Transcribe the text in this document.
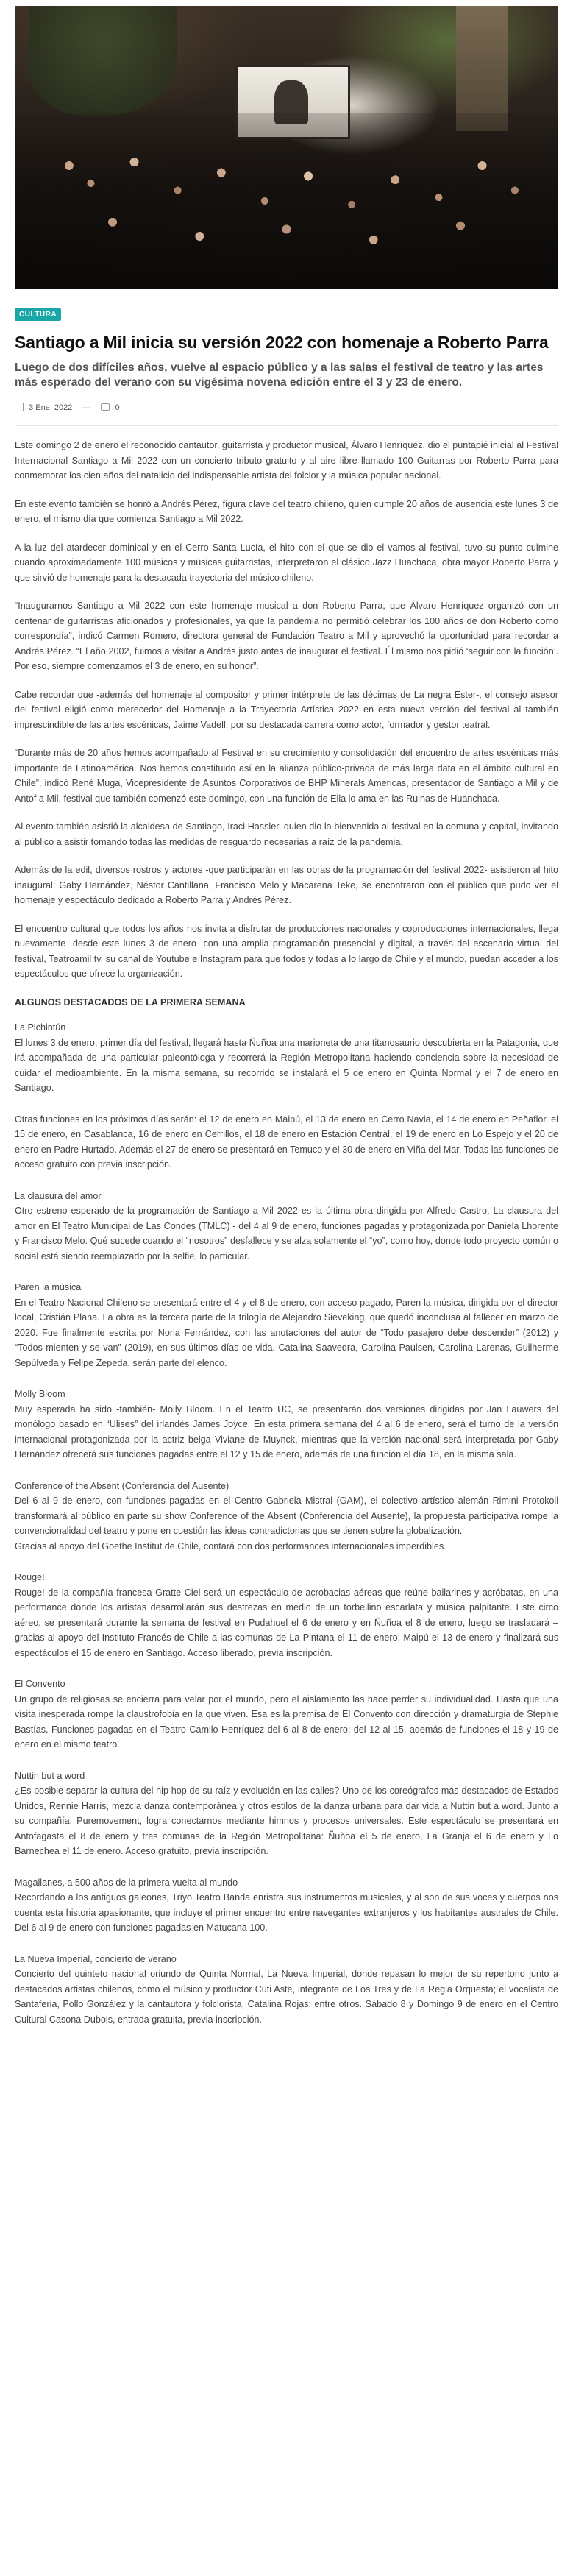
CULTURA
Santiago a Mil inicia su versión 2022 con homenaje a Roberto Parra
Luego de dos difíciles años, vuelve al espacio público y a las salas el festival de teatro y las artes más esperado del verano con su vigésima novena edición entre el 3 y 23 de enero.
3 Ene, 2022 —	0

Este domingo 2 de enero el reconocido cantautor, guitarrista y productor musical, Álvaro Henríquez, dio el puntapié inicial al Festival Internacional Santiago a Mil 2022 con un concierto tributo gratuito y al aire libre llamado 100 Guitarras por Roberto Parra para conmemorar los cien años del natalicio del indispensable artista del folclor y la música popular nacional.

En este evento también se honró a Andrés Pérez, figura clave del teatro chileno, quien cumple 20 años de ausencia este lunes 3 de enero, el mismo día que comienza Santiago a Mil 2022.

A la luz del atardecer dominical y en el Cerro Santa Lucía, el hito con el que se dio el vamos al festival, tuvo su punto culmine cuando aproximadamente 100 músicos y músicas guitarristas, interpretaron el clásico Jazz Huachaca, obra mayor Roberto Parra y que sirvió de homenaje para la destacada trayectoria del músico chileno.

“Inaugurarnos Santiago a Mil 2022 con este homenaje musical a don Roberto Parra, que Álvaro Henríquez organizó con un centenar de guitarristas aficionados y profesionales, ya que la pandemia no permitió celebrar los 100 años de don Roberto como correspondía”, indicó Carmen Romero, directora general de Fundación Teatro a Mil y aprovechó la oportunidad para recordar a Andrés Pérez. “El año 2002, fuimos a visitar a Andrés justo antes de inaugurar el festival. Él mismo nos pidió ‘seguir con la función’. Por eso, siempre comenzamos el 3 de enero, en su honor”.

Cabe recordar que -además del homenaje al compositor y primer intérprete de las décimas de La negra Ester-, el consejo asesor del festival eligió como merecedor del Homenaje a la Trayectoria Artística 2022 en esta nueva versión del festival al también imprescindible de las artes escénicas, Jaime Vadell, por su destacada carrera como actor, formador y gestor teatral.

“Durante más de 20 años hemos acompañado al Festival en su crecimiento y consolidación del encuentro de artes escénicas más importante de Latinoamérica. Nos hemos constituido así en la alianza público-privada de más larga data en el ámbito cultural en Chile”, indicó René Muga, Vicepresidente de Asuntos Corporativos de BHP Minerals Americas, presentador de Santiago a Mil y de Antof a Mil, festival que también comenzó este domingo, con una función de Ella lo ama en las Ruinas de Huanchaca.

Al evento también asistió la alcaldesa de Santiago, Iraci Hassler, quien dio la bienvenida al festival en la comuna y capital, invitando al público a asistir tomando todas las medidas de resguardo necesarias a raíz de la pandemia.

Además de la edil, diversos rostros y actores -que participarán en las obras de la programación del festival 2022- asistieron al hito inaugural: Gaby Hernández, Néstor Cantillana, Francisco Melo y Macarena Teke, se encontraron con el público que pudo ver el homenaje y espectáculo dedicado a Roberto Parra y Andrés Pérez.

El encuentro cultural que todos los años nos invita a disfrutar de producciones nacionales y coproducciones internacionales, llega nuevamente -desde este lunes 3 de enero- con una amplia programación presencial y digital, a través del escenario virtual del festival, Teatroamil tv, su canal de Youtube e Instagram para que todos y todas a lo largo de Chile y el mundo, puedan acceder a los espectáculos que ofrece la organización.

ALGUNOS DESTACADOS DE LA PRIMERA SEMANA

La Pichintún
El lunes 3 de enero, primer día del festival, llegará hasta Ñuñoa una marioneta de una titanosaurio descubierta en la Patagonia, que irá acompañada de una particular paleontóloga y recorrerá la Región Metropolitana haciendo conciencia sobre la necesidad de cuidar el medioambiente. En la misma semana, su recorrido se instalará el 5 de enero en Quinta Normal y el 7 de enero en Santiago.

Otras funciones en los próximos días serán: el 12 de enero en Maipú, el 13 de enero en Cerro Navia, el 14 de enero en Peñaflor, el 15 de enero, en Casablanca, 16 de enero en Cerrillos, el 18 de enero en Estación Central, el 19 de enero en Lo Espejo y el 20 de enero en Padre Hurtado. Además el 27 de enero se presentará en Temuco y el 30 de enero en Viña del Mar. Todas las funciones de acceso gratuito con previa inscripción.

La clausura del amor
Otro estreno esperado de la programación de Santiago a Mil 2022 es la última obra dirigida por Alfredo Castro, La clausura del amor en El Teatro Municipal de Las Condes (TMLC) - del 4 al 9 de enero, funciones pagadas y protagonizada por Daniela Lhorente y Francisco Melo. Qué sucede cuando el “nosotros” desfallece y se alza solamente el “yo”, como hoy, donde todo proyecto común o social está siendo reemplazado por la selfie, lo particular.

Paren la música
En el Teatro Nacional Chileno se presentará entre el 4 y el 8 de enero, con acceso pagado, Paren la música, dirigida por el director local, Cristián Plana. La obra es la tercera parte de la trilogía de Alejandro Sieveking, que quedó inconclusa al fallecer en marzo de 2020. Fue finalmente escrita por Nona Fernández, con las anotaciones del autor de “Todo pasajero debe descender” (2012) y “Todos mienten y se van” (2019), en sus últimos días de vida. Catalina Saavedra, Carolina Paulsen, Carolina Larenas, Guilherme Sepúlveda y Felipe Zepeda, serán parte del elenco.

Molly Bloom
Muy esperada ha sido -también- Molly Bloom. En el Teatro UC, se presentarán dos versiones dirigidas por Jan Lauwers del monólogo basado en “Ulises” del irlandés James Joyce. En esta primera semana del 4 al 6 de enero, será el turno de la versión internacional protagonizada por la actriz belga Viviane de Muynck, mientras que la versión nacional será interpretada por Gaby Hernández ofrecerá sus funciones pagadas entre el 12 y 15 de enero, además de una función el día 18, en la misma sala.

Conference of the Absent (Conferencia del Ausente)
Del 6 al 9 de enero, con funciones pagadas en el Centro Gabriela Mistral (GAM), el colectivo artístico alemán Rimini Protokoll transformará al público en parte su show Conference of the Absent (Conferencia del Ausente), la propuesta participativa rompe la convencionalidad del teatro y pone en cuestión las ideas contradictorias que se tienen sobre la globalización.
Gracias al apoyo del Goethe Institut de Chile, contará con dos performances internacionales imperdibles.

Rouge!
Rouge! de la compañía francesa Gratte Ciel será un espectáculo de acrobacias aéreas que reúne bailarines y acróbatas, en una performance donde los artistas desarrollarán sus destrezas en medio de un torbellino escarlata y música palpitante. Este circo aéreo, se presentará durante la semana de festival en Pudahuel el 6 de enero y en Ñuñoa el 8 de enero, luego se trasladará – gracias al apoyo del Instituto Francés de Chile a las comunas de La Pintana el 11 de enero, Maipú el 13 de enero y finalizará sus espectáculos el 15 de enero en Santiago. Acceso liberado, previa inscripción.

El Convento
Un grupo de religiosas se encierra para velar por el mundo, pero el aislamiento las hace perder su individualidad. Hasta que una visita inesperada rompe la claustrofobia en la que viven. Esa es la premisa de El Convento con dirección y dramaturgia de Stephie Bastías. Funciones pagadas en el Teatro Camilo Henríquez del 6 al 8 de enero; del 12 al 15, además de funciones el 18 y 19 de enero en el mismo teatro.

Nuttin but a word
¿Es posible separar la cultura del hip hop de su raíz y evolución en las calles? Uno de los coreógrafos más destacados de Estados Unidos, Rennie Harris, mezcla danza contemporánea y otros estilos de la danza urbana para dar vida a Nuttin but a word. Junto a su compañía, Puremovement, logra conectarnos mediante himnos y procesos universales. Este espectáculo se presentará en Antofagasta el 8 de enero y tres comunas de la Región Metropolitana: Ñuñoa el 5 de enero, La Granja el 6 de enero y Lo Barnechea el 11 de enero. Acceso gratuito, previa inscripción.

Magallanes, a 500 años de la primera vuelta al mundo
Recordando a los antiguos galeones, Triyo Teatro Banda enristra sus instrumentos musicales, y al son de sus voces y cuerpos nos cuenta esta historia apasionante, que incluye el primer encuentro entre navegantes extranjeros y los habitantes australes de Chile. Del 6 al 9 de enero con funciones pagadas en Matucana 100.

La Nueva Imperial, concierto de verano
Concierto del quinteto nacional oriundo de Quinta Normal, La Nueva Imperial, donde repasan lo mejor de su repertorio junto a destacados artistas chilenos, como el músico y productor Cuti Aste, integrante de Los Tres y de La Regia Orquesta; el vocalista de Santaferia, Pollo González y la cantautora y folclorista, Catalina Rojas; entre otros. Sábado 8 y Domingo 9 de enero en el Centro Cultural Casona Dubois, entrada gratuita, previa inscripción.
